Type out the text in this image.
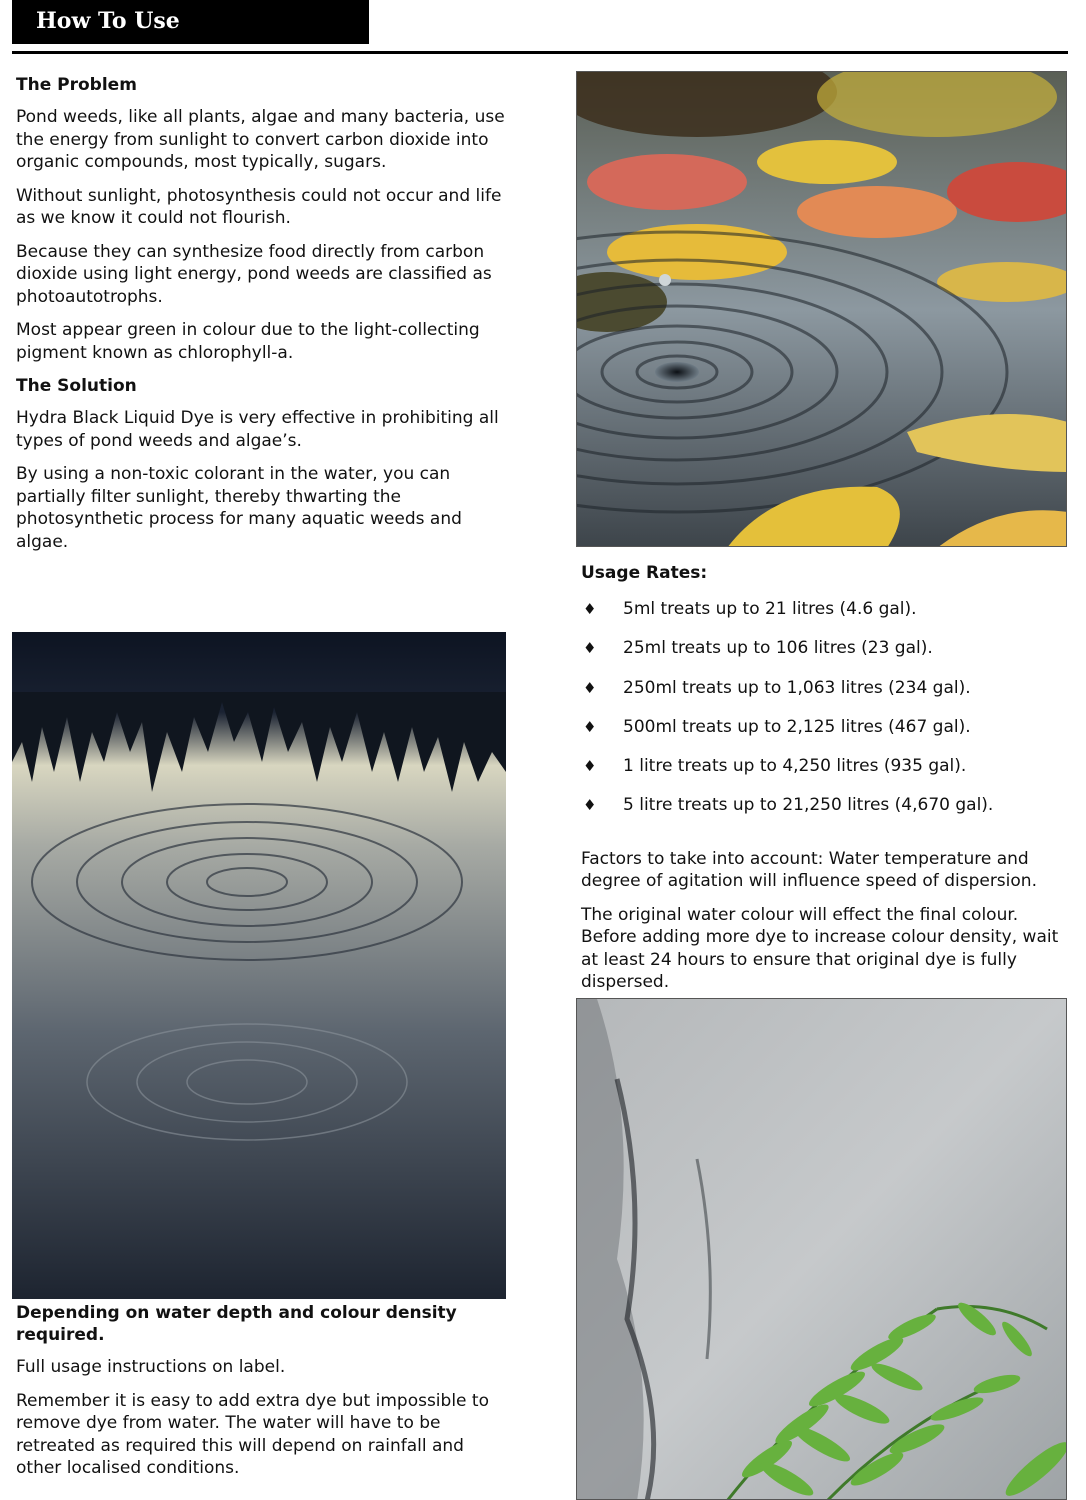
How To Use
The Problem

Pond weeds, like all plants, algae and many bacteria, use the energy from sunlight to convert carbon dioxide into organic compounds, most typically, sugars.

Without sunlight, photosynthesis could not occur and life as we know it could not flourish.

Because they can synthesize food directly from carbon dioxide using light energy, pond weeds are classified as photoautotrophs.

Most appear green in colour due to the light-collecting pigment known as chlorophyll-a.

The Solution

Hydra Black Liquid Dye is very effective in prohibiting all types of pond weeds and algae’s.

By using a non-toxic colorant in the water, you can partially filter sunlight, thereby thwarting the photosynthetic process for many aquatic weeds and algae.

Usage Rates:
♦ 5ml treats up to 21 litres (4.6 gal).
♦ 25ml treats up to 106 litres (23 gal).
♦ 250ml treats up to 1,063 litres (234 gal).
♦ 500ml treats up to 2,125 litres (467 gal).
♦ 1 litre treats up to 4,250 litres (935 gal).
♦ 5 litre treats up to 21,250 litres (4,670 gal).

Factors to take into account: Water temperature and degree of agitation will influence speed of dispersion.

The original water colour will effect the final colour. Before adding more dye to increase colour density, wait at least 24 hours to ensure that original dye is fully dispersed.

Depending on water depth and colour density required.

Full usage instructions on label.

Remember it is easy to add extra dye but impossible to remove dye from water. The water will have to be retreated as required this will depend on rainfall and other localised conditions.
